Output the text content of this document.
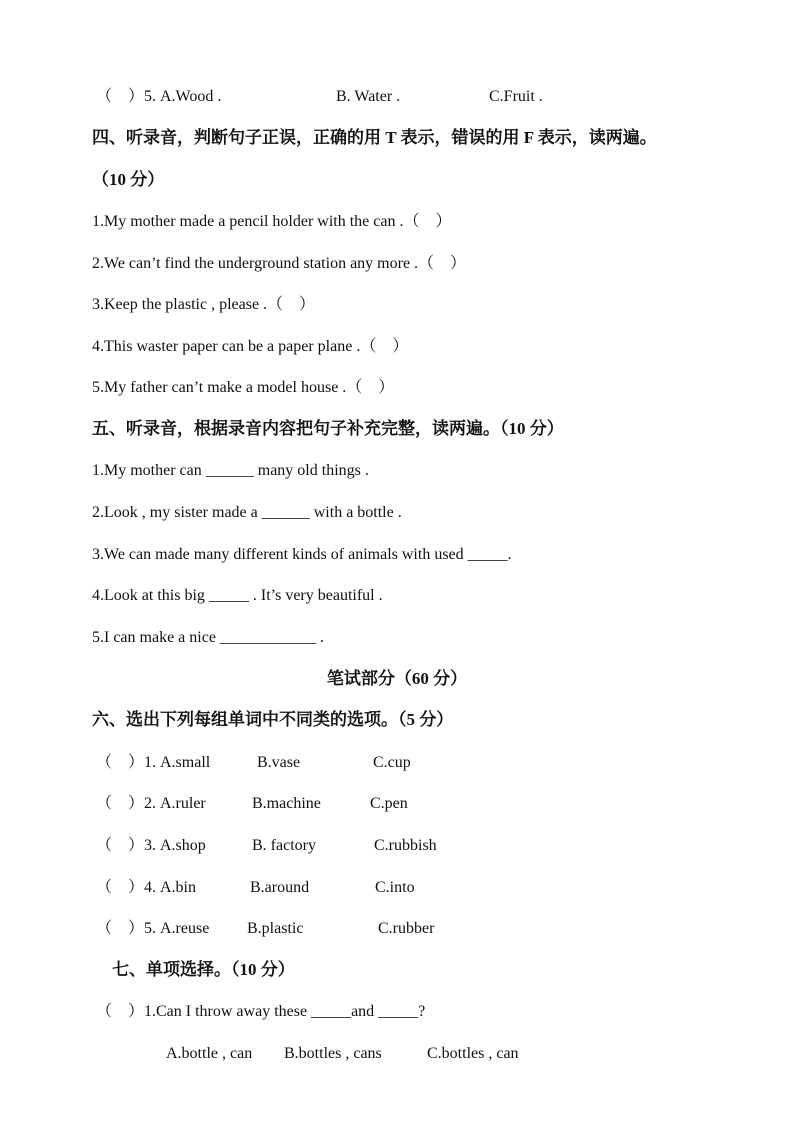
（　）5. A.Wood .	B. Water .	C.Fruit .
四、听录音，判断句子正误，正确的用 T 表示，错误的用 F 表示，读两遍。
（10 分）
1.My mother made a pencil holder with the can .（　）
2.We can’t find the underground station any more .（　）
3.Keep the plastic , please .（　）
4.This waster paper can be a paper plane .（　）
5.My father can’t make a model house .（　）
五、听录音，根据录音内容把句子补充完整，读两遍。（10 分）
1.My mother can ______ many old things .
2.Look , my sister made a ______ with a bottle .
3.We can made many different kinds of animals with used _____.
4.Look at this big _____ . It’s very beautiful .
5.I can make a nice ____________ .
笔试部分（60 分）
六、选出下列每组单词中不同类的选项。（5 分）
（　）1. A.small	B.vase	C.cup
（　）2. A.ruler	B.machine	C.pen
（　）3. A.shop	B. factory	C.rubbish
（　）4. A.bin	B.around	C.into
（　）5. A.reuse B.plastic	C.rubber
七、单项选择。（10 分）
（　）1.Can I throw away these _____and _____?
A.bottle , can B.bottles , cans	C.bottles , can
